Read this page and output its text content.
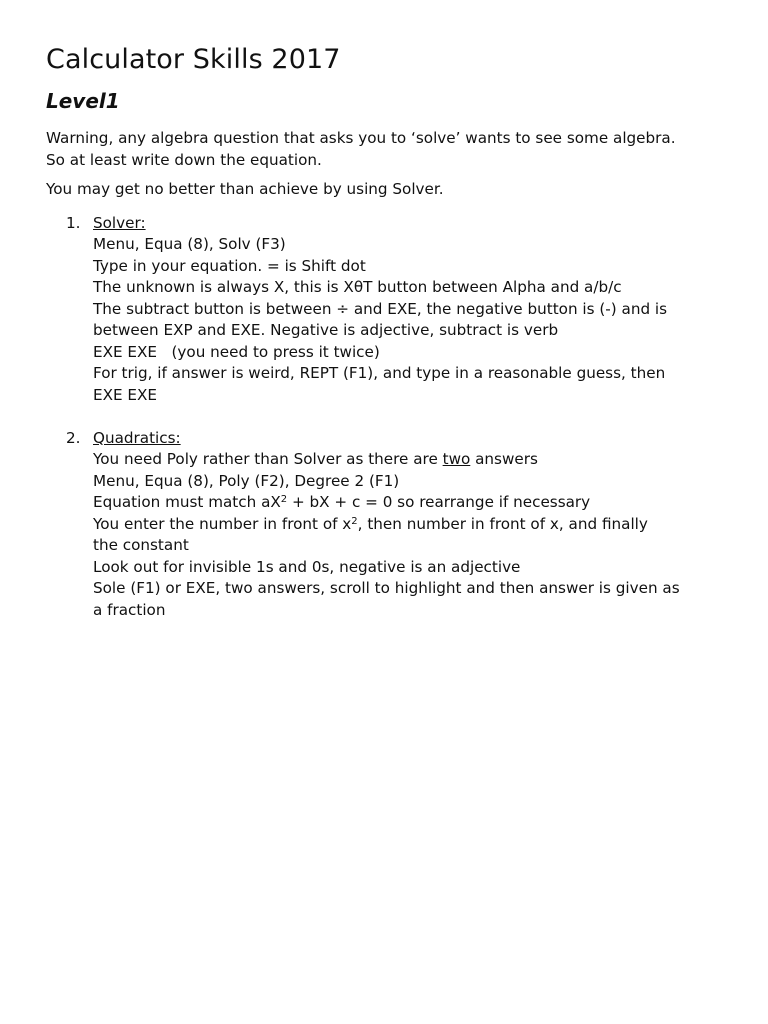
Calculator Skills 2017
Level1

Warning, any algebra question that asks you to ‘solve’ wants to see some algebra.
So at least write down the equation.

You may get no better than achieve by using Solver.

1. Solver:
Menu, Equa (8), Solv (F3)
Type in your equation. = is Shift dot
The unknown is always X, this is XθT button between Alpha and a/b/c
The subtract button is between ÷ and EXE, the negative button is (-) and is
between EXP and EXE. Negative is adjective, subtract is verb
EXE EXE   (you need to press it twice)
For trig, if answer is weird, REPT (F1), and type in a reasonable guess, then
EXE EXE
2. Quadratics:
You need Poly rather than Solver as there are two answers
Menu, Equa (8), Poly (F2), Degree 2 (F1)
Equation must match $aX^2$ + bX + c = 0 so rearrange if necessary
You enter the number in front of $x^2$, then number in front of x, and finally
the constant
Look out for invisible 1s and 0s, negative is an adjective
Sole (F1) or EXE, two answers, scroll to highlight and then answer is given as
a fraction
